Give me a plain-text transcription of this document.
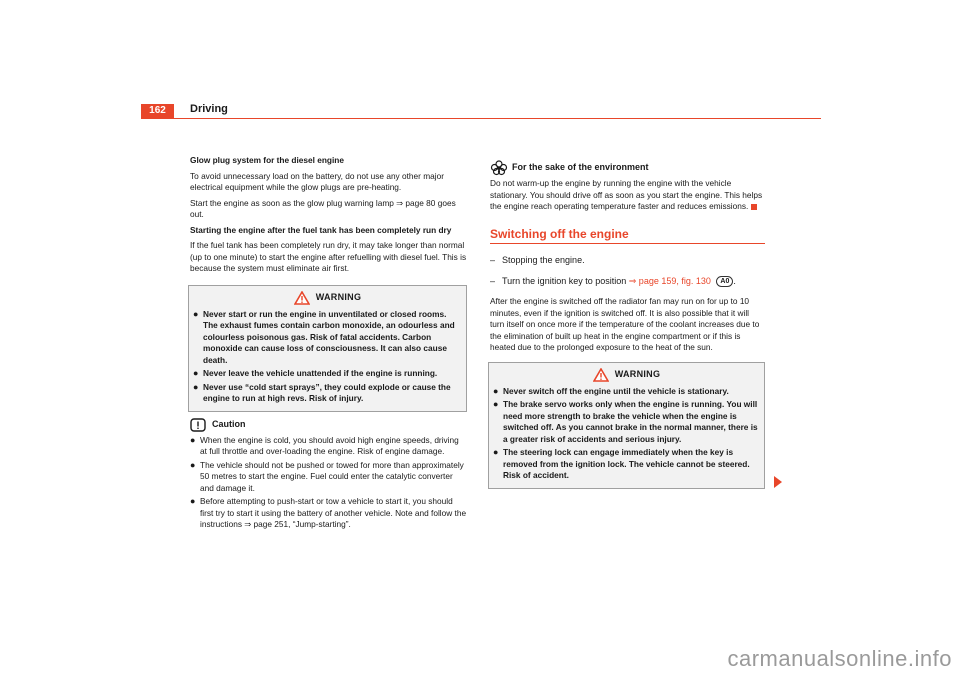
162	Driving

Glow plug system for the diesel engine

To avoid unnecessary load on the battery, do not use any other major electrical equipment while the glow plugs are pre-heating.

Start the engine as soon as the glow plug warning lamp ⇒ page 80 goes out.

Starting the engine after the fuel tank has been completely run dry

If the fuel tank has been completely run dry, it may take longer than normal (up to one minute) to start the engine after refuelling with diesel fuel. This is because the system must eliminate air first.

WARNING
● Never start or run the engine in unventilated or closed rooms. The exhaust fumes contain carbon monoxide, an odourless and colourless poisonous gas. Risk of fatal accidents. Carbon monoxide can cause loss of consciousness. It can also cause death.
● Never leave the vehicle unattended if the engine is running.
● Never use “cold start sprays”, they could explode or cause the engine to run at high revs. Risk of injury.
Caution
● When the engine is cold, you should avoid high engine speeds, driving at full throttle and over-loading the engine. Risk of engine damage.
● The vehicle should not be pushed or towed for more than approximately 50 metres to start the engine. Fuel could enter the catalytic converter and damage it.
● Before attempting to push-start or tow a vehicle to start it, you should first try to start it using the battery of another vehicle. Note and follow the instructions ⇒ page 251, “Jump-starting”.
For the sake of the environment

Do not warm-up the engine by running the engine with the vehicle stationary. You should drive off as soon as you start the engine. This helps the engine reach operating temperature faster and reduces emissions.

Switching off the engine
– Stopping the engine.
– Turn the ignition key to position ⇒ page 159, fig. 130 A0 .

After the engine is switched off the radiator fan may run on for up to 10 minutes, even if the ignition is switched off. It is also possible that it will turn itself on once more if the temperature of the coolant increases due to the elimination of built up heat in the engine compartment or if this is heated due to the prolonged exposure to the heat of the sun.

WARNING
● Never switch off the engine until the vehicle is stationary.
● The brake servo works only when the engine is running. You will need more strength to brake the vehicle when the engine is switched off. As you cannot brake in the normal manner, there is a greater risk of accidents and serious injury.
● The steering lock can engage immediately when the key is removed from the ignition lock. The vehicle cannot be steered. Risk of accident.
carmanualsonline.info
